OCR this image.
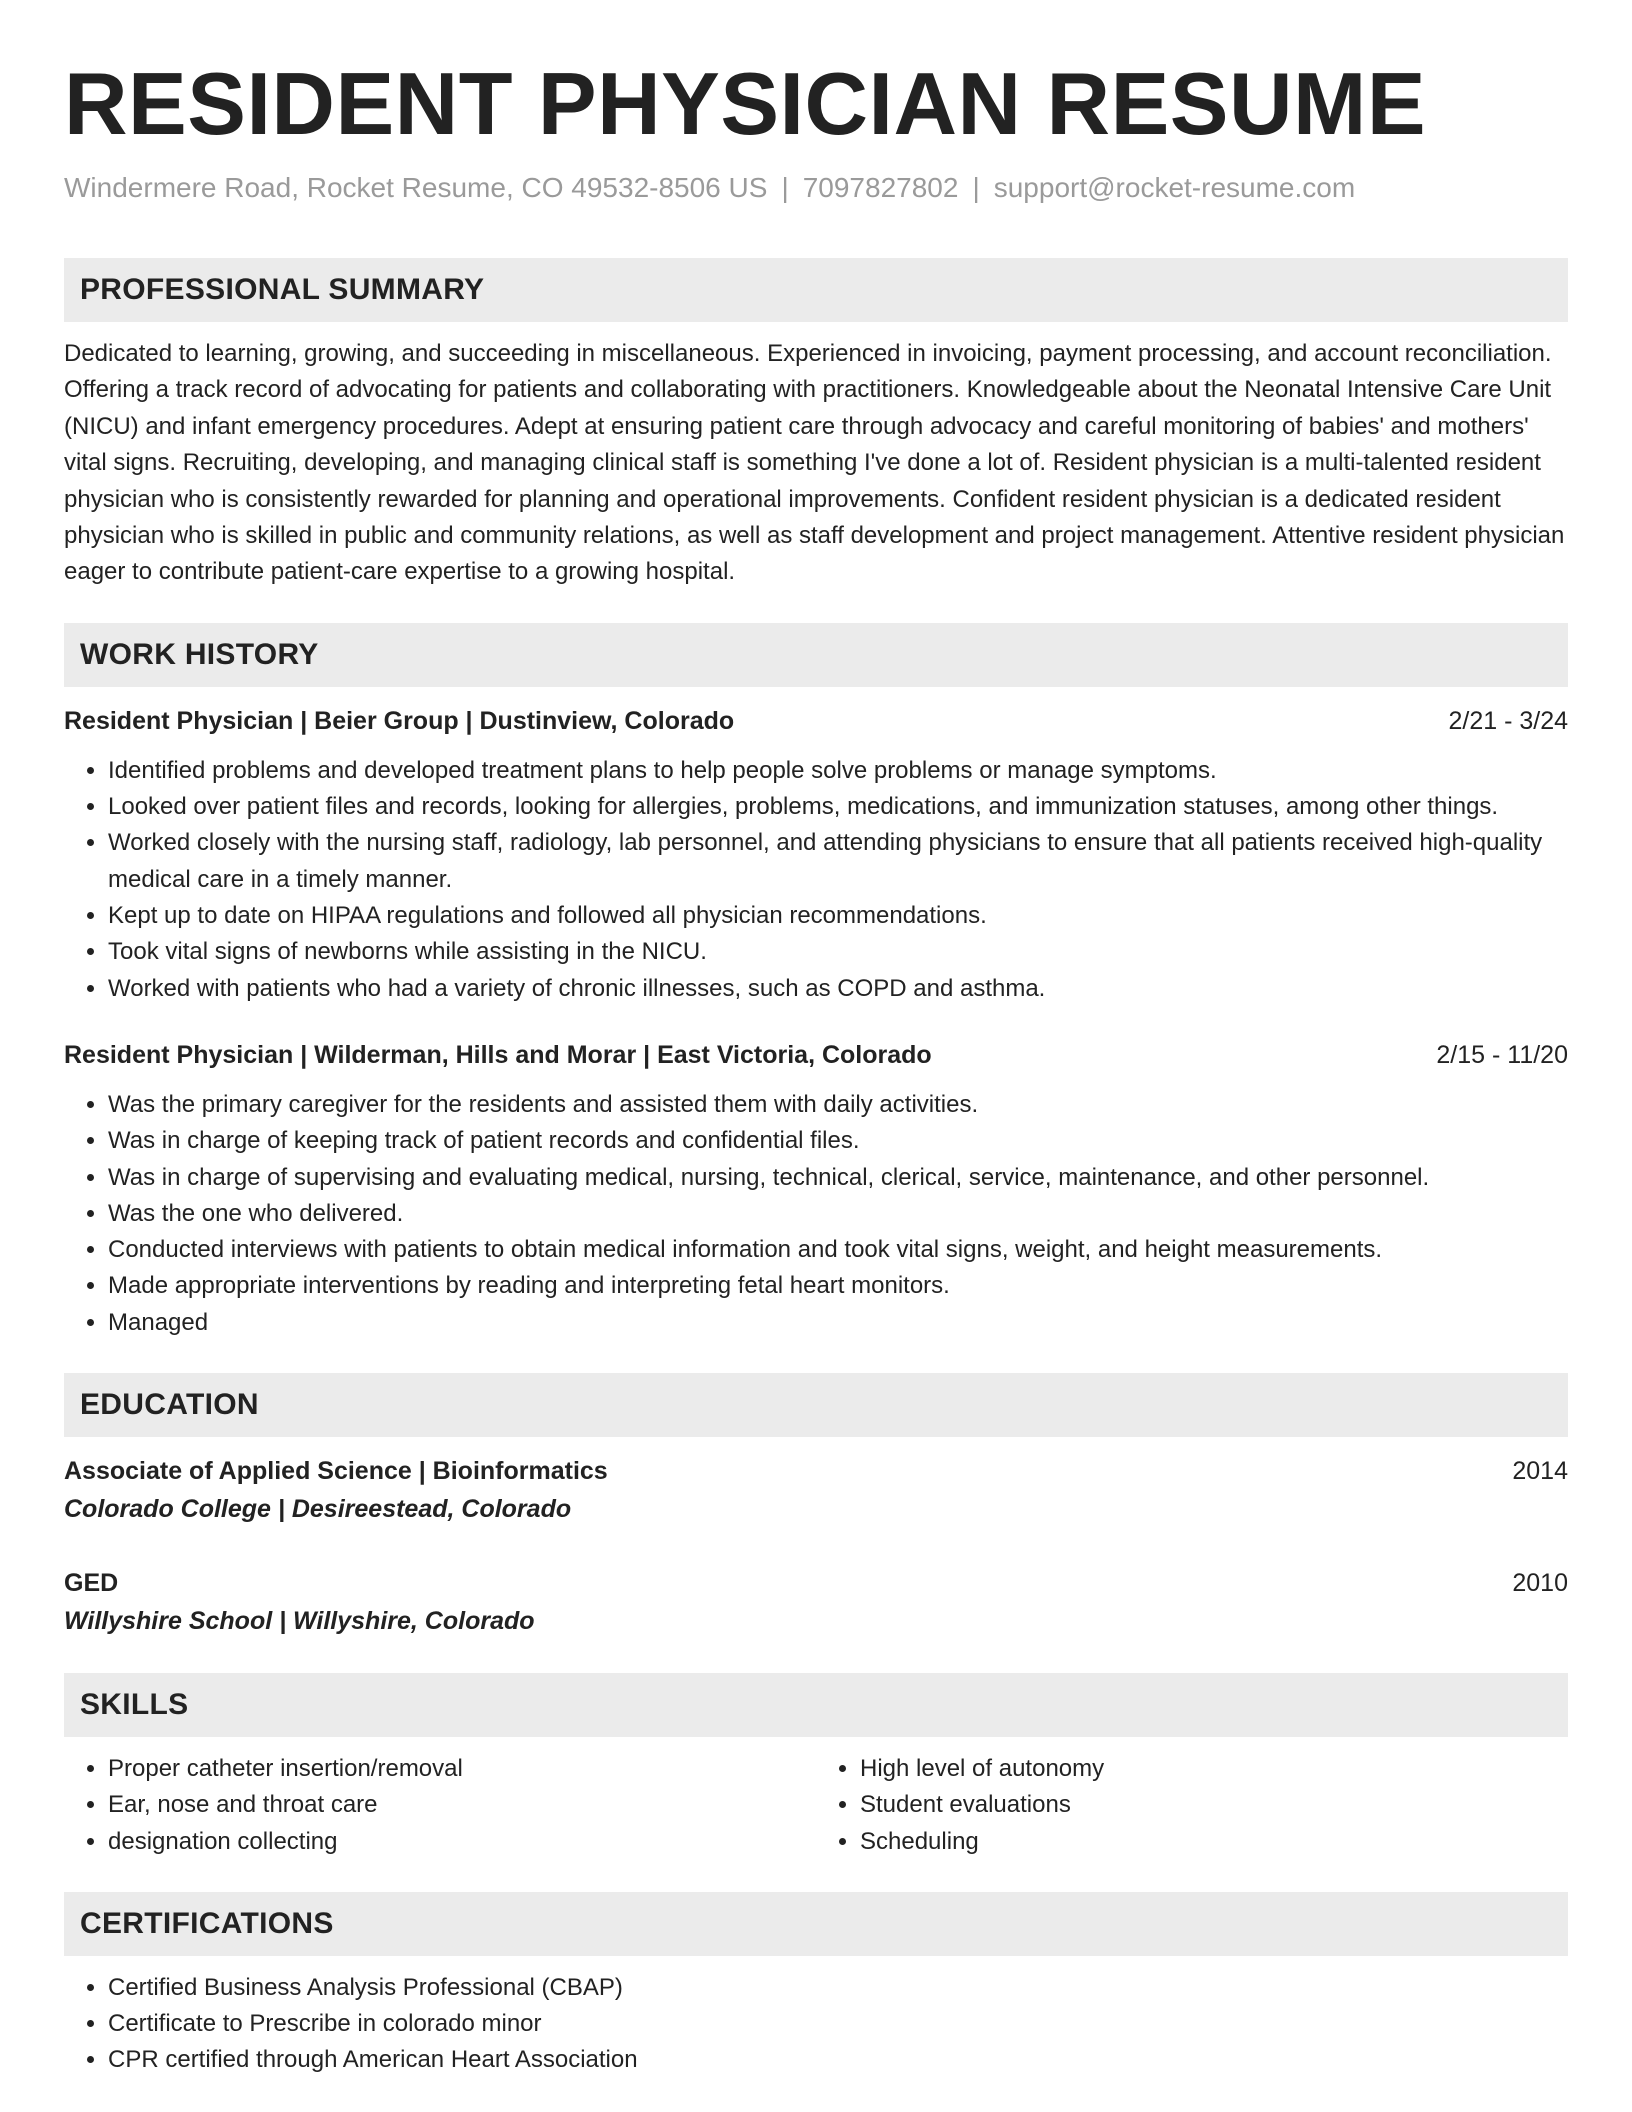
RESIDENT PHYSICIAN RESUME
Windermere Road, Rocket Resume, CO 49532-8506 US | 7097827802 | support@rocket-resume.com
PROFESSIONAL SUMMARY
Dedicated to learning, growing, and succeeding in miscellaneous. Experienced in invoicing, payment processing, and account reconciliation. Offering a track record of advocating for patients and collaborating with practitioners. Knowledgeable about the Neonatal Intensive Care Unit (NICU) and infant emergency procedures. Adept at ensuring patient care through advocacy and careful monitoring of babies' and mothers' vital signs. Recruiting, developing, and managing clinical staff is something I've done a lot of. Resident physician is a multi-talented resident physician who is consistently rewarded for planning and operational improvements. Confident resident physician is a dedicated resident physician who is skilled in public and community relations, as well as staff development and project management. Attentive resident physician eager to contribute patient-care expertise to a growing hospital.
WORK HISTORY
Resident Physician | Beier Group | Dustinview, Colorado	2/21 - 3/24
• Identified problems and developed treatment plans to help people solve problems or manage symptoms.
• Looked over patient files and records, looking for allergies, problems, medications, and immunization statuses, among other things.
• Worked closely with the nursing staff, radiology, lab personnel, and attending physicians to ensure that all patients received high-quality medical care in a timely manner.
• Kept up to date on HIPAA regulations and followed all physician recommendations.
• Took vital signs of newborns while assisting in the NICU.
• Worked with patients who had a variety of chronic illnesses, such as COPD and asthma.
Resident Physician | Wilderman, Hills and Morar | East Victoria, Colorado	2/15 - 11/20
• Was the primary caregiver for the residents and assisted them with daily activities.
• Was in charge of keeping track of patient records and confidential files.
• Was in charge of supervising and evaluating medical, nursing, technical, clerical, service, maintenance, and other personnel.
• Was the one who delivered.
• Conducted interviews with patients to obtain medical information and took vital signs, weight, and height measurements.
• Made appropriate interventions by reading and interpreting fetal heart monitors.
• Managed
EDUCATION
Associate of Applied Science | Bioinformatics	2014
Colorado College | Desireestead, Colorado
GED	2010
Willyshire School | Willyshire, Colorado
SKILLS
• Proper catheter insertion/removal
• Ear, nose and throat care
• designation collecting
• High level of autonomy
• Student evaluations
• Scheduling
CERTIFICATIONS
• Certified Business Analysis Professional (CBAP)
• Certificate to Prescribe in colorado minor
• CPR certified through American Heart Association
